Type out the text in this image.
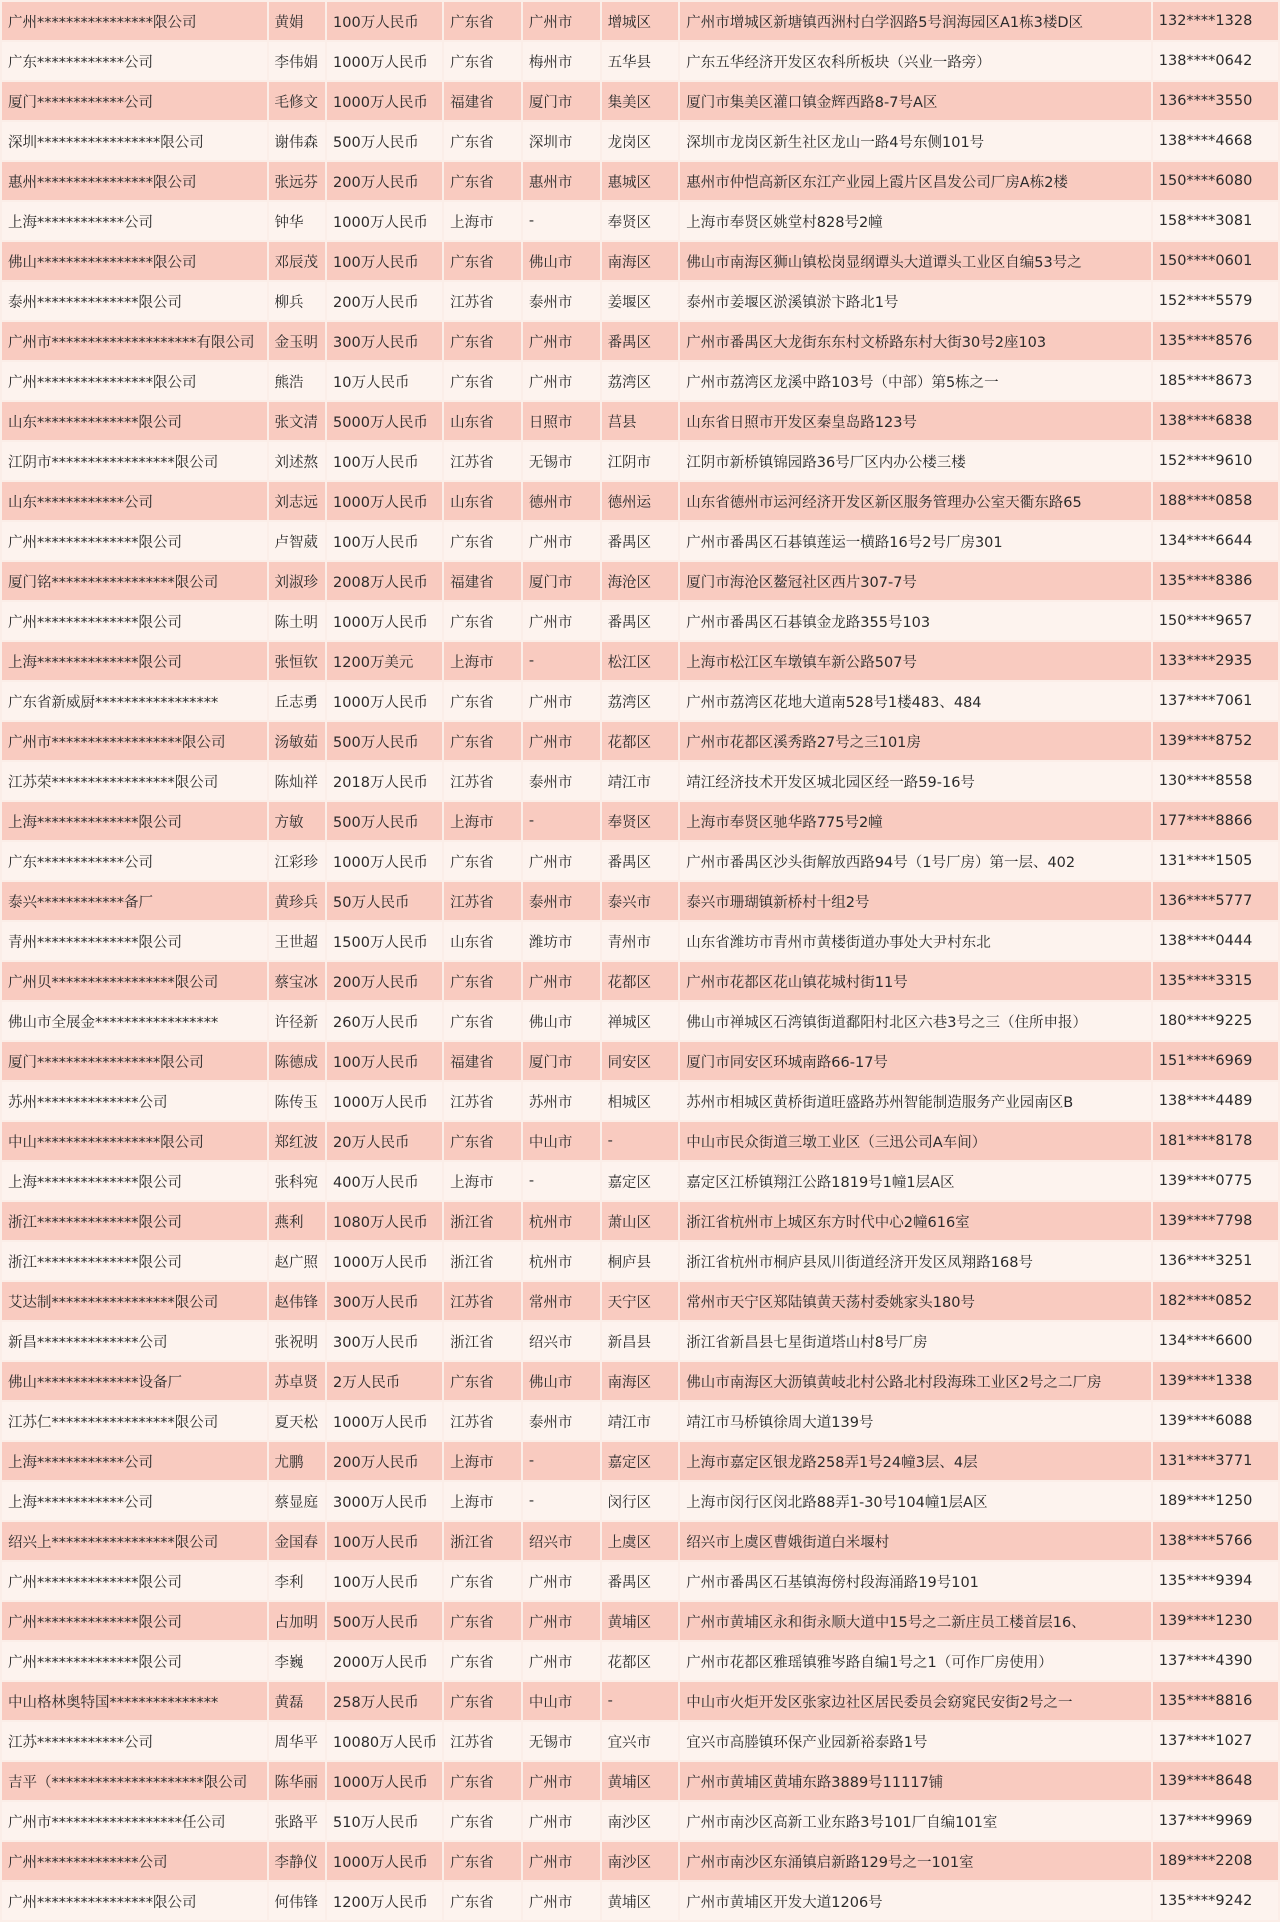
广州****************限公司	黄娟	100万人民币	广东省	广州市	增城区	广州市增城区新塘镇西洲村白学泅路5号润海园区A1栋3楼D区	132****1328
广东************公司	李伟娟	1000万人民币	广东省	梅州市	五华县	广东五华经济开发区农科所板块（兴业一路旁）	138****0642
厦门************公司	毛修文	1000万人民币	福建省	厦门市	集美区	厦门市集美区灌口镇金辉西路8-7号A区	136****3550
深圳*****************限公司	谢伟森	500万人民币	广东省	深圳市	龙岗区	深圳市龙岗区新生社区龙山一路4号东侧101号	138****4668
惠州****************限公司	张远芬	200万人民币	广东省	惠州市	惠城区	惠州市仲恺高新区东江产业园上霞片区昌发公司厂房A栋2楼	150****6080
上海************公司	钟华	1000万人民币	上海市	-	奉贤区	上海市奉贤区姚堂村828号2幢	158****3081
佛山****************限公司	邓辰茂	100万人民币	广东省	佛山市	南海区	佛山市南海区狮山镇松岗显纲谭头大道谭头工业区自编53号之	150****0601
泰州**************限公司	柳兵	200万人民币	江苏省	泰州市	姜堰区	泰州市姜堰区淤溪镇淤卞路北1号	152****5579
广州市********************有限公司	金玉明	300万人民币	广东省	广州市	番禺区	广州市番禺区大龙街东东村文桥路东村大街30号2座103	135****8576
广州****************限公司	熊浩	10万人民币	广东省	广州市	荔湾区	广州市荔湾区龙溪中路103号（中部）第5栋之一	185****8673
山东**************限公司	张文清	5000万人民币	山东省	日照市	莒县	山东省日照市开发区秦皇岛路123号	138****6838
江阴市*****************限公司	刘述熬	100万人民币	江苏省	无锡市	江阴市	江阴市新桥镇锦园路36号厂区内办公楼三楼	152****9610
山东************公司	刘志远	1000万人民币	山东省	德州市	德州运	山东省德州市运河经济开发区新区服务管理办公室天衢东路65	188****0858
广州**************限公司	卢智葳	100万人民币	广东省	广州市	番禺区	广州市番禺区石碁镇莲运一横路16号2号厂房301	134****6644
厦门铭*****************限公司	刘淑珍	2008万人民币	福建省	厦门市	海沧区	厦门市海沧区鳌冠社区西片307-7号	135****8386
广州**************限公司	陈土明	1000万人民币	广东省	广州市	番禺区	广州市番禺区石碁镇金龙路355号103	150****9657
上海**************限公司	张恒钦	1200万美元	上海市	-	松江区	上海市松江区车墩镇车新公路507号	133****2935
广东省新威厨*****************	丘志勇	1000万人民币	广东省	广州市	荔湾区	广州市荔湾区花地大道南528号1楼483、484	137****7061
广州市******************限公司	汤敏茹	500万人民币	广东省	广州市	花都区	广州市花都区溪秀路27号之三101房	139****8752
江苏荣*****************限公司	陈灿祥	2018万人民币	江苏省	泰州市	靖江市	靖江经济技术开发区城北园区经一路59-16号	130****8558
上海**************限公司	方敏	500万人民币	上海市	-	奉贤区	上海市奉贤区驰华路775号2幢	177****8866
广东************公司	江彩珍	1000万人民币	广东省	广州市	番禺区	广州市番禺区沙头街解放西路94号（1号厂房）第一层、402	131****1505
泰兴************备厂	黄珍兵	50万人民币	江苏省	泰州市	泰兴市	泰兴市珊瑚镇新桥村十组2号	136****5777
青州**************限公司	王世超	1500万人民币	山东省	潍坊市	青州市	山东省潍坊市青州市黄楼街道办事处大尹村东北	138****0444
广州贝*****************限公司	蔡宝冰	200万人民币	广东省	广州市	花都区	广州市花都区花山镇花城村街11号	135****3315
佛山市全展金*****************	许径新	260万人民币	广东省	佛山市	禅城区	佛山市禅城区石湾镇街道鄱阳村北区六巷3号之三（住所申报）	180****9225
厦门*****************限公司	陈德成	100万人民币	福建省	厦门市	同安区	厦门市同安区环城南路66-17号	151****6969
苏州**************公司	陈传玉	1000万人民币	江苏省	苏州市	相城区	苏州市相城区黄桥街道旺盛路苏州智能制造服务产业园南区B	138****4489
中山*****************限公司	郑红波	20万人民币	广东省	中山市	-	中山市民众街道三墩工业区（三迅公司A车间）	181****8178
上海**************限公司	张科宛	400万人民币	上海市	-	嘉定区	嘉定区江桥镇翔江公路1819号1幢1层A区	139****0775
浙江**************限公司	燕利	1080万人民币	浙江省	杭州市	萧山区	浙江省杭州市上城区东方时代中心2幢616室	139****7798
浙江**************限公司	赵广照	1000万人民币	浙江省	杭州市	桐庐县	浙江省杭州市桐庐县凤川街道经济开发区凤翔路168号	136****3251
艾达制*****************限公司	赵伟锋	300万人民币	江苏省	常州市	天宁区	常州市天宁区郑陆镇黄天荡村委姚家头180号	182****0852
新昌**************公司	张祝明	300万人民币	浙江省	绍兴市	新昌县	浙江省新昌县七星街道塔山村8号厂房	134****6600
佛山**************设备厂	苏卓贤	2万人民币	广东省	佛山市	南海区	佛山市南海区大沥镇黄岐北村公路北村段海珠工业区2号之二厂房	139****1338
江苏仁*****************限公司	夏天松	1000万人民币	江苏省	泰州市	靖江市	靖江市马桥镇徐周大道139号	139****6088
上海************公司	尤鹏	200万人民币	上海市	-	嘉定区	上海市嘉定区银龙路258弄1号24幢3层、4层	131****3771
上海************公司	蔡显庭	3000万人民币	上海市	-	闵行区	上海市闵行区闵北路88弄1-30号104幢1层A区	189****1250
绍兴上*****************限公司	金国春	100万人民币	浙江省	绍兴市	上虞区	绍兴市上虞区曹娥街道白米堰村	138****5766
广州**************限公司	李利	100万人民币	广东省	广州市	番禺区	广州市番禺区石基镇海傍村段海涌路19号101	135****9394
广州**************限公司	占加明	500万人民币	广东省	广州市	黄埔区	广州市黄埔区永和街永顺大道中15号之二新庄员工楼首层16、	139****1230
广州**************限公司	李巍	2000万人民币	广东省	广州市	花都区	广州市花都区雅瑶镇雅岑路自编1号之1（可作厂房使用）	137****4390
中山格林奥特国***************	黄磊	258万人民币	广东省	中山市	-	中山市火炬开发区张家边社区居民委员会窈窕民安街2号之一	135****8816
江苏************公司	周华平	10080万人民币	江苏省	无锡市	宜兴市	宜兴市高塍镇环保产业园新裕泰路1号	137****1027
吉平（*********************限公司	陈华丽	1000万人民币	广东省	广州市	黄埔区	广州市黄埔区黄埔东路3889号11117铺	139****8648
广州市******************任公司	张路平	510万人民币	广东省	广州市	南沙区	广州市南沙区高新工业东路3号101厂自编101室	137****9969
广州**************公司	李静仪	1000万人民币	广东省	广州市	南沙区	广州市南沙区东涌镇启新路129号之一101室	189****2208
广州****************限公司	何伟锋	1200万人民币	广东省	广州市	黄埔区	广州市黄埔区开发大道1206号	135****9242
